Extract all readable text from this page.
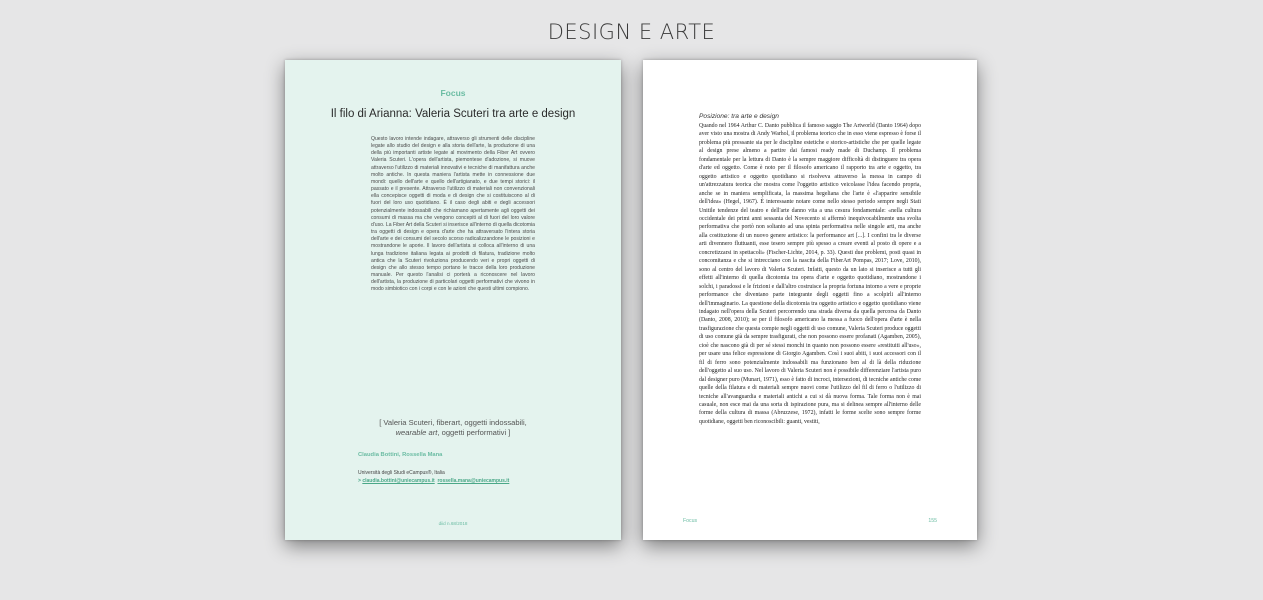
DESIGN E ARTE
Focus
Il filo di Arianna: Valeria Scuteri tra arte e design

Questo lavoro intende indagare, attraverso gli strumenti delle discipline legate allo studio del design e alla storia dell'arte, la produzione di una della più importanti artiste legate al movimento della Fiber Art ovvero Valeria Scuteri. L'opera dell'artista, piemontese d'adozione, si muove attraverso l'utilizzo di materiali innovativi e tecniche di manifattura anche molto antiche. In questa maniera l'artista mette in connessione due mondi: quello dell'arte e quello dell'artigianato, e due tempi storici: il passato e il presente. Attraverso l'utilizzo di materiali non convenzionali ella concepisce oggetti di moda e di design che si costituiscono al di fuori del loro uso quotidiano. È il caso degli abiti e degli accessori potenzialmente indossabili che richiamano apertamente agli oggetti dei consumi di massa ma che vengono concepiti al di fuori del loro valore d'uso. La Fiber Art della Scuteri si inserisce all'interno di quella dicotomia tra oggetti di design e opera d'arte che ha attraversato l'intera storia dell'arte e dei consumi del secolo scorso radicalizzandone le posizioni e mostrandone le aporie. Il lavoro dell'artista si colloca all'interno di una lunga tradizione italiana legata ai prodotti di filatura, tradizione molto antica che la Scuteri rivoluziona producendo veri e propri oggetti di design che allo stesso tempo portano le tracce della loro produzione manuale. Per questo l'analisi ci porterà a riconoscere nel lavoro dell'artista, la produzione di particolari oggetti performativi che vivono in modo simbiotico con i corpi e con le azioni che questi ultimi compiono.

[ Valeria Scuteri, fiberart, oggetti indossabili,
wearable art, oggetti performativi ]
Claudia Bottini, Rossella Mana
Università degli Studi eCampus®, Italia
> claudia.bottini@uniecampus.it rossella.mana@uniecampus.it
diid n.68/2018
Posizione: tra arte e design

Quando nel 1964 Arthur C. Danto pubblica il famoso saggio The Artworld (Danto 1964) dopo aver visto una mostra di Andy Warhol, il problema teorico che in esso viene espresso è forse il problema più pressante sia per le discipline estetiche e storico-artistiche che per quelle legate al design prese almeno a partire dai famosi ready made di Duchamp. Il problema fondamentale per la lettura di Danto è la sempre maggiore difficoltà di distinguere tra opera d'arte ed oggetto. Come è noto per il filosofo americano il rapporto tra arte e oggetto, tra oggetto artistico e oggetto quotidiano si risolveva attraverso la messa in campo di un'attrezzatura teorica che mostra come l'oggetto artistico veicolasse l'idea facendo propria, anche se in maniera semplificata, la massima hegeliana che l'arte è «l'apparire sensibile dell'idea» (Hegel, 1967). È interessante notare come nello stesso periodo sempre negli Stati Unitile tendenze del teatro e dell'arte danno vita a una cesura fondamentale: «nella cultura occidentale dei primi anni sessanta del Novecento si affermò inequivocabilmente una svolta performativa che portò non soltanto ad una spinta performativa nelle singole arti, ma anche alla costituzione di un nuovo genere artistico: la performance art [...]. I confini tra le diverse arti divennero fluttuanti, esse tesero sempre più spesso a creare eventi al posto di opere e a concretizzarsi in spettacoli» (Fischer-Lichte, 2014, p. 33). Questi due problemi, posti quasi in concomitanza e che si intrecciano con la nascita della FiberArt Pompas, 2017; Love, 2010), sono al centro del lavoro di Valeria Scuteri. Infatti, questo da un lato si inserisce a tutti gli effetti all'interno di quella dicotomia tra opera d'arte e oggetto quotidiano, mostrandone i solchi, i paradossi e le frizioni e dall'altro costruisce la propria fortuna intorno a vere e proprie performance che diventano parte integrante degli oggetti fino a scolpirli all'interno dell'immaginario. La questione della dicotomia tra oggetto artistico e oggetto quotidiano viene indagato nell'opera della Scuteri percorrendo una strada diversa da quella percorsa da Danto (Danto, 2008, 2010); se per il filosofo americano la messa a fuoco dell'opera d'arte è nella trasfigurazione che questa compie negli oggetti di uso comune, Valeria Scuteri produce oggetti di uso comune già da sempre trasfigurati, che non possono essere profanati (Agamben, 2005), cioè che nascono già di per sé stessi monchi in quanto non possono essere «restituiti all'uso», per usare una felice espressione di Giorgio Agamben. Così i suoi abiti, i suoi accessori con il fil di ferro sono potenzialmente indossabili ma funzionano ben al di là della riduzione dell'oggetto al suo uso. Nel lavoro di Valeria Scuteri non è possibile differenziare l'artista puro dal designer puro (Munari, 1971), esso è fatto di incroci, intersezioni, di tecniche antiche come quelle della filatura e di materiali sempre nuovi come l'utilizzo del fil di ferro o l'utilizzo di tecniche all'avanguardia e materiali antichi a cui si dà nuova forma. Tale forma non è mai casuale, non esce mai da una sorta di ispirazione pura, ma si delinea sempre all'interno delle forme della cultura di massa (Abruzzese, 1972), infatti le forme scelte sono sempre forme quotidiane, oggetti ben riconoscibili: guanti, vestiti,

Focus	155
